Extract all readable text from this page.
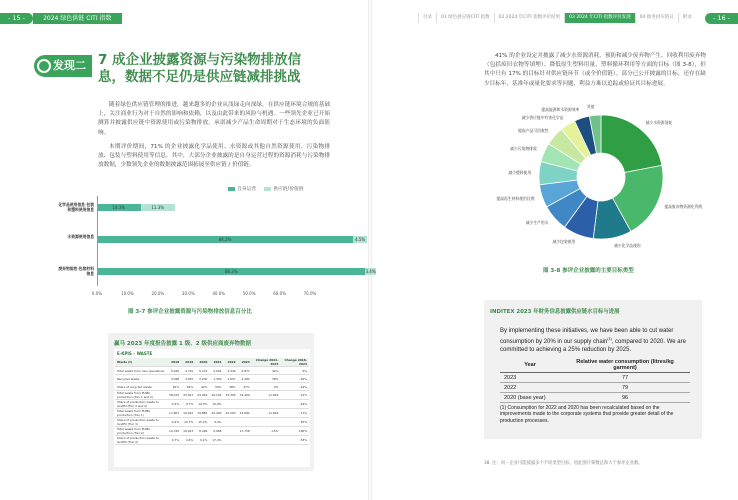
- 15 -	2024 绿色供链 CITI 指数	目录	01 绿色供应链CITI 指数	02 2024 年CITI 指数评价结果	03 2024 年CITI 指数评价发现	04 推进供应链议	附录	- 16 -
发现二 7 成企业披露资源与污染物排放信息，数据不足仍是供应链减排挑战
随着绿色供应链管理的推进，越来越多的企业从浅绿走向深绿，在供应链环境合规的基础上，关注商业行为对于自然的影响和依赖，以及由此带来的风险与机遇。一些领先企业已开始测算并披露供应链中资源使用或污染物排放，承诺减少产品生命周期对于生态环境的负面影响。
本期评价期间，71% 的企业披露化学品使用、水资源或其他自然资源使用、污染物排放、包装与塑料使用等信息。其中，大部分企业披露的是自身运营过程的资源消耗与污染物排放数据，少数领先企业的数据披露范围拓展至供应链 / 价值链。
自身运营	供应链/价值链
0.0%	10.0%	20.0%	30.0%	40.0%	50.0%	60.0%	70.0%
化学品使用信息·包装和塑料使用信息	14.3%	11.3%
水资源使用信息
84.2%	4.5%
废弃物排放·包装材料信息	88.2%	3.4%
图 3-7 参评企业披露资源与污染物排放信息百分比
赢马 2023 年度报告披露 1 级、2 级供应商废弃物数据
E-KPIS – WASTE
Waste (t)	2018	2019	2020	2021	2022	2023	Change 2022-2023	Change 2018-2023
Total waste from own operations	5,026	4,791	5,274	2,991	3,444	4,877	42%	-3%
Recycled waste	3,098	3,087	2,230	1,450	1,657	2,282	38%	-26%
Share of recycled waste	62%	64%	42%	50%	48%	47%	-3%	-24%
Total waste from PUMA production (Tier 1 and 2)	38,076	33,447	43,449	29,144	34,395	74,460	11,824	-31%
Share of production waste to landfill (Tier 1 and 2)	4.4%	9.7%	19.3%	15.9%				-44%
Total waste from PUMA production (Tier 1)	17,667	16,442	19,880	22,490	24,293	14,082	11,824	-17%
Share of production waste to landfill (Tier 1)	4.4%	12.7%	15.2%	9.9%				-55%
Total waste from PUMA production (Tier 2)	14,720	19,023	8,499	5,968		17,738	-15%	180%
Share of production waste to landfill (Tier 2)	4.7%	4.6%	9.1%	17.4%				-53%
41% 的企业设定并披露了减少水资源消耗、预防和减少废弃物产生、回收利用废弃物（包括废旧衣物等填埋）、降低原生塑料用量、塑料循环利用等方面的目标（图 3-8），但其中只有 17% 的目标针对供应链环节（或全价值链）。部分已公开披露的目标，还存在缺少目标年、基准年或量化要求等问题，利益方难以追踪或验证其目标进展。
减少水资源消耗
提高废弃物资源化利用
减少化学品使用
减少包装使用
减少生产用水
提高再生材料使用比例
减少塑料使用
减少污染物排放
提高产品可回收性
减少供应链中有害化学品
提高能源和水资源效率
其他
图 3-8 参评企业披露的主要目标类型
INDITEX 2023 年财务信息披露供应链水目标与进展
By implementing these initiatives, we have been able to cut water consumption by 20% in our supply chain$^{(1)}$, compared to 2020. We are committed to achieving a 25% reduction by 2025.
Year	Relative water consumption (litres/kg garment)
2023	77
2022	79
2020 (base year)	96
(1) Consumption for 2022 and 2020 has been recalculated based on the improvements made to the corporate systems that provide greater detail of the production processes.
38. 注：同一企业可能披露多个不同类型目标，因此图片频数总和大于参评企业数。
